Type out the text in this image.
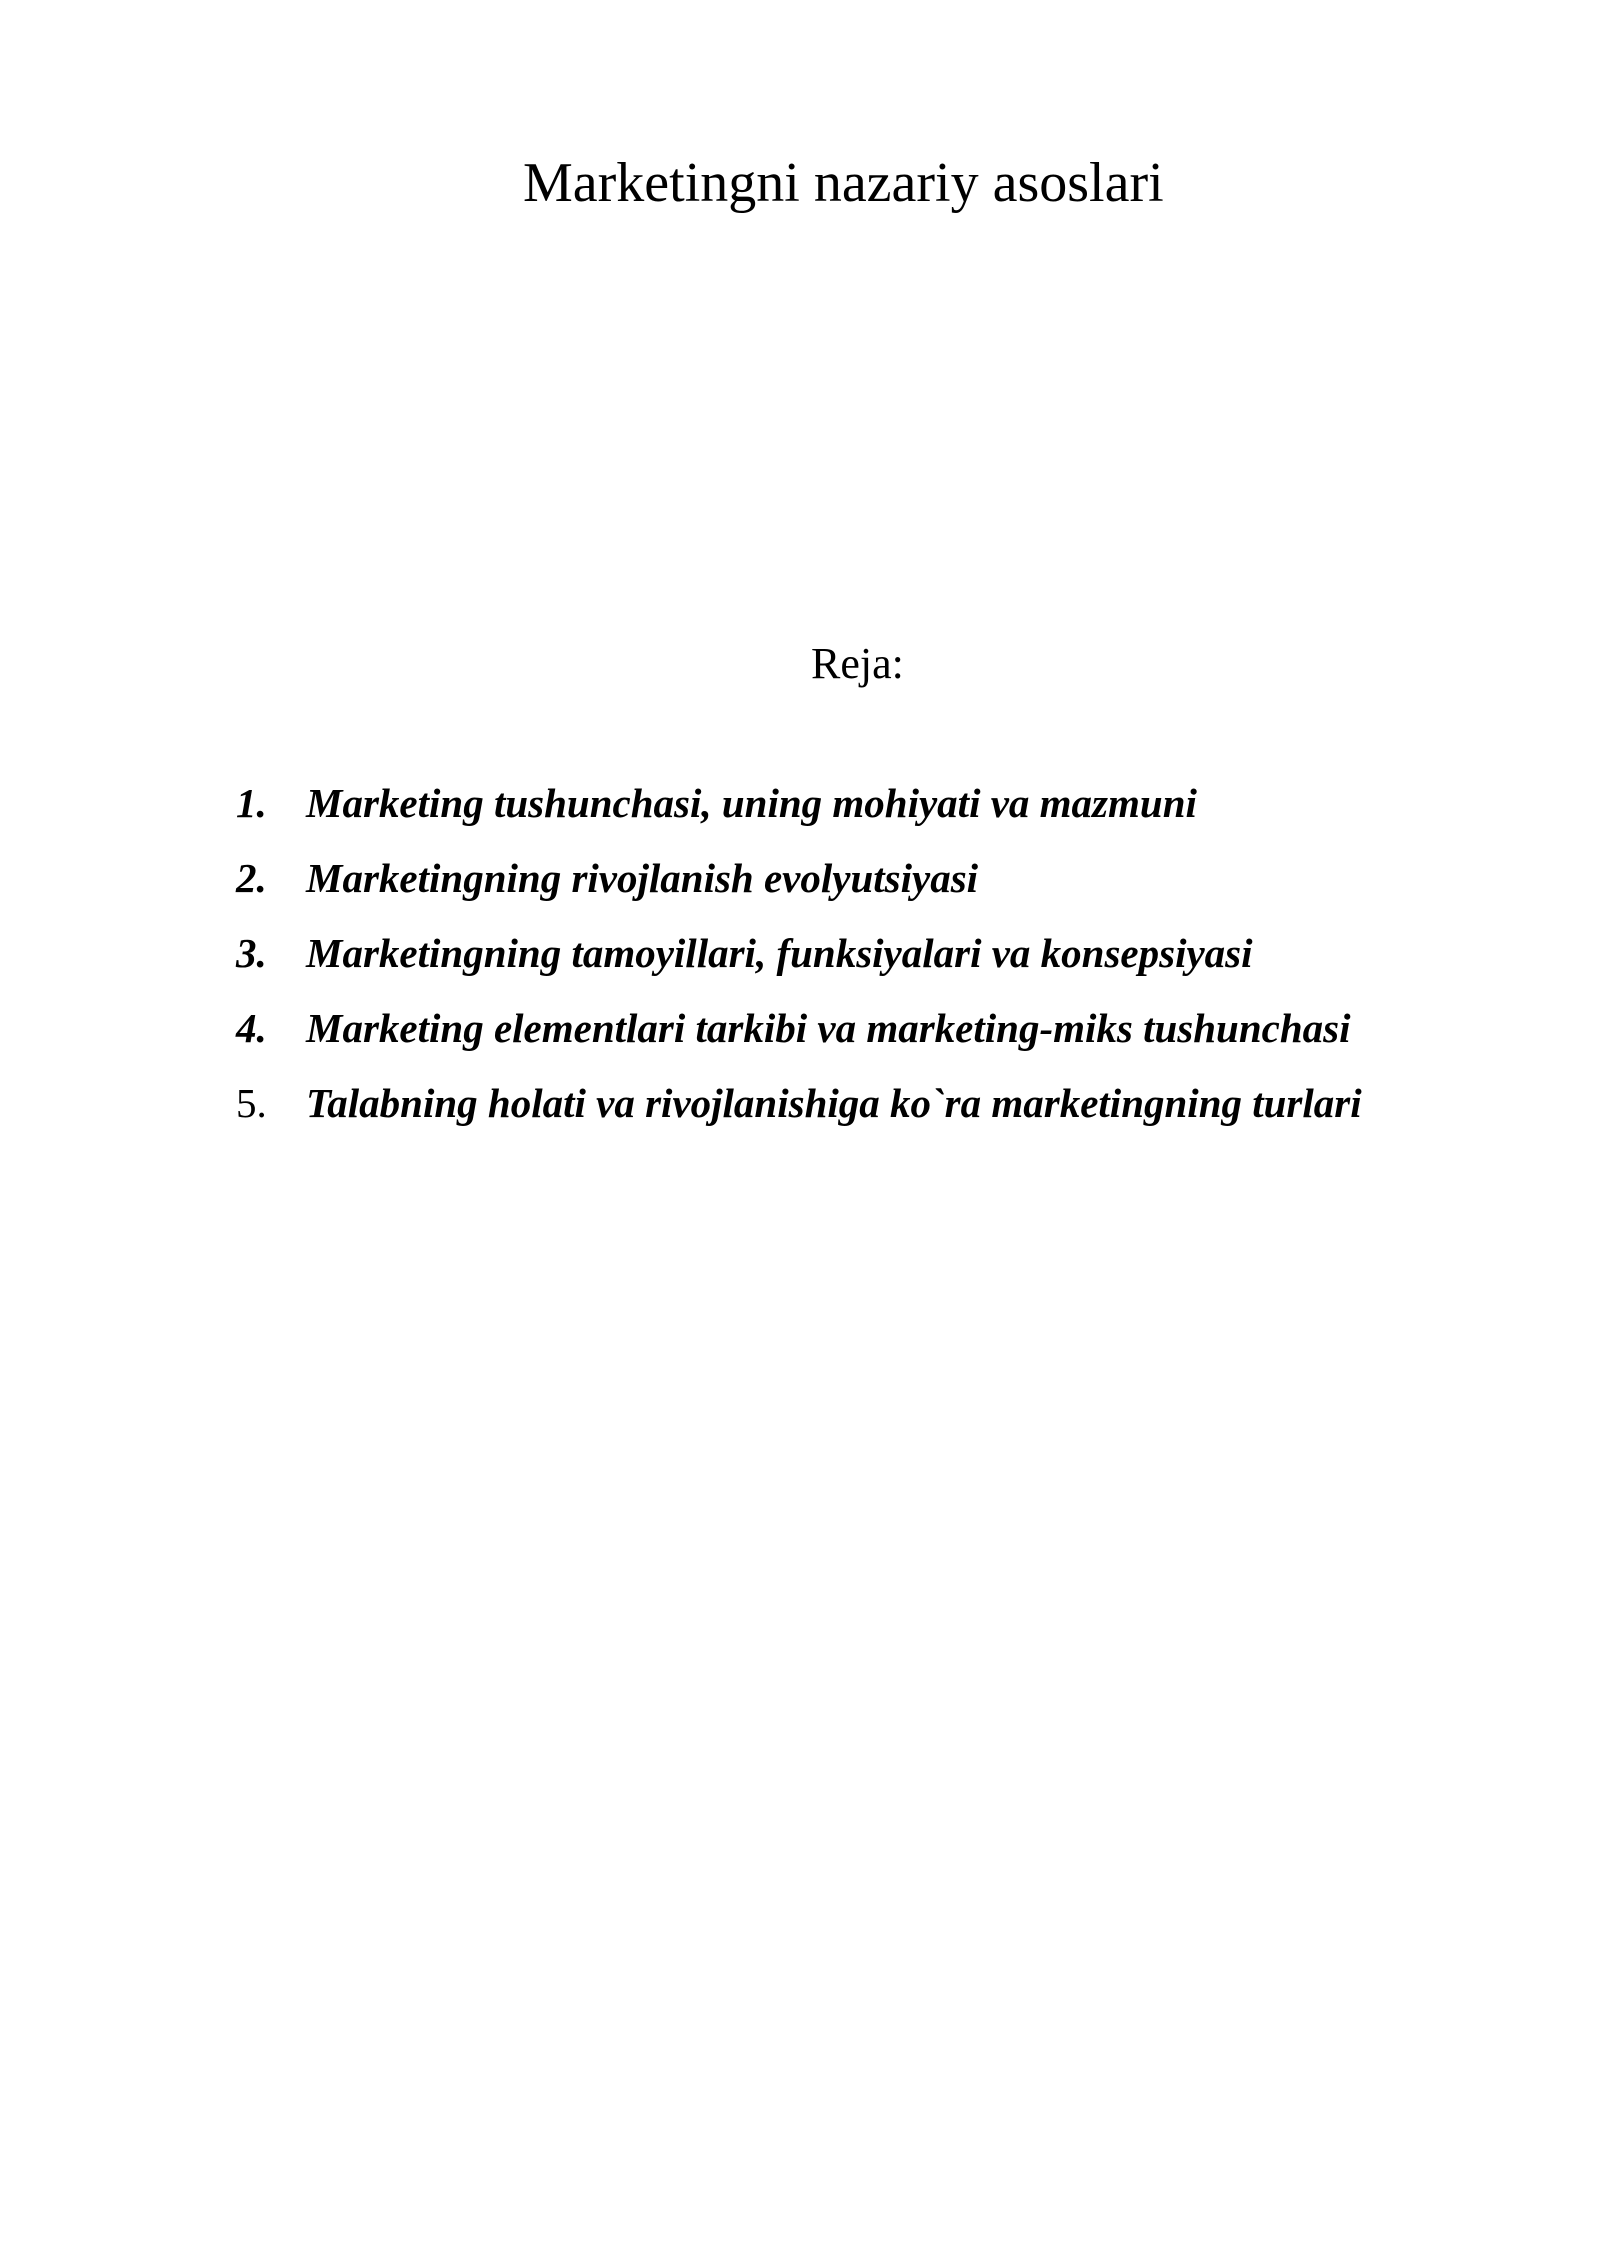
Marketingni nazariy asoslari
Reja:
1. Marketing tushunchasi, uning mohiyati va mazmuni
2. Marketingning rivojlanish evolyutsiyasi
3. Marketingning tamoyillari, funksiyalari va konsepsiyasi
4. Marketing elementlari tarkibi va marketing-miks tushunchasi
5. Talabning holati va rivojlanishiga ko`ra marketingning turlari
